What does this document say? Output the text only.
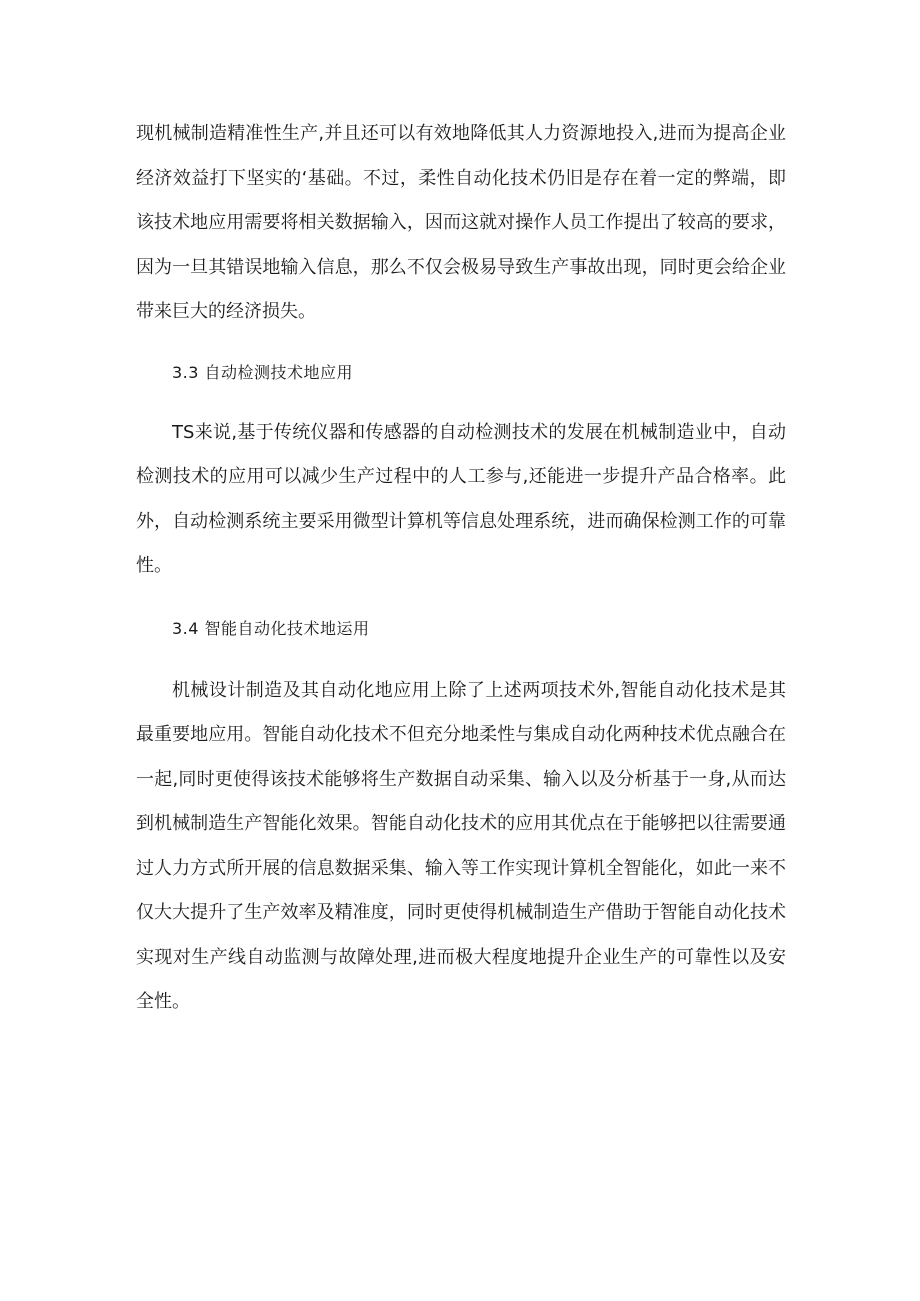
现机械制造精准性生产,并且还可以有效地降低其人力资源地投入,进而为提高企业经济效益打下坚实的‘基础。不过，柔性自动化技术仍旧是存在着一定的弊端，即该技术地应用需要将相关数据输入，因而这就对操作人员工作提出了较高的要求，因为一旦其错误地输入信息，那么不仅会极易导致生产事故出现，同时更会给企业带来巨大的经济损失。

3.3 自动检测技术地应用

TS来说,基于传统仪器和传感器的自动检测技术的发展在机械制造业中，自动检测技术的应用可以减少生产过程中的人工参与,还能进一步提升产品合格率。此外，自动检测系统主要采用微型计算机等信息处理系统，进而确保检测工作的可靠性。

3.4 智能自动化技术地运用

机械设计制造及其自动化地应用上除了上述两项技术外,智能自动化技术是其最重要地应用。智能自动化技术不但充分地柔性与集成自动化两种技术优点融合在一起,同时更使得该技术能够将生产数据自动采集、输入以及分析基于一身,从而达到机械制造生产智能化效果。智能自动化技术的应用其优点在于能够把以往需要通过人力方式所开展的信息数据采集、输入等工作实现计算机全智能化，如此一来不仅大大提升了生产效率及精准度，同时更使得机械制造生产借助于智能自动化技术实现对生产线自动监测与故障处理,进而极大程度地提升企业生产的可靠性以及安全性。
